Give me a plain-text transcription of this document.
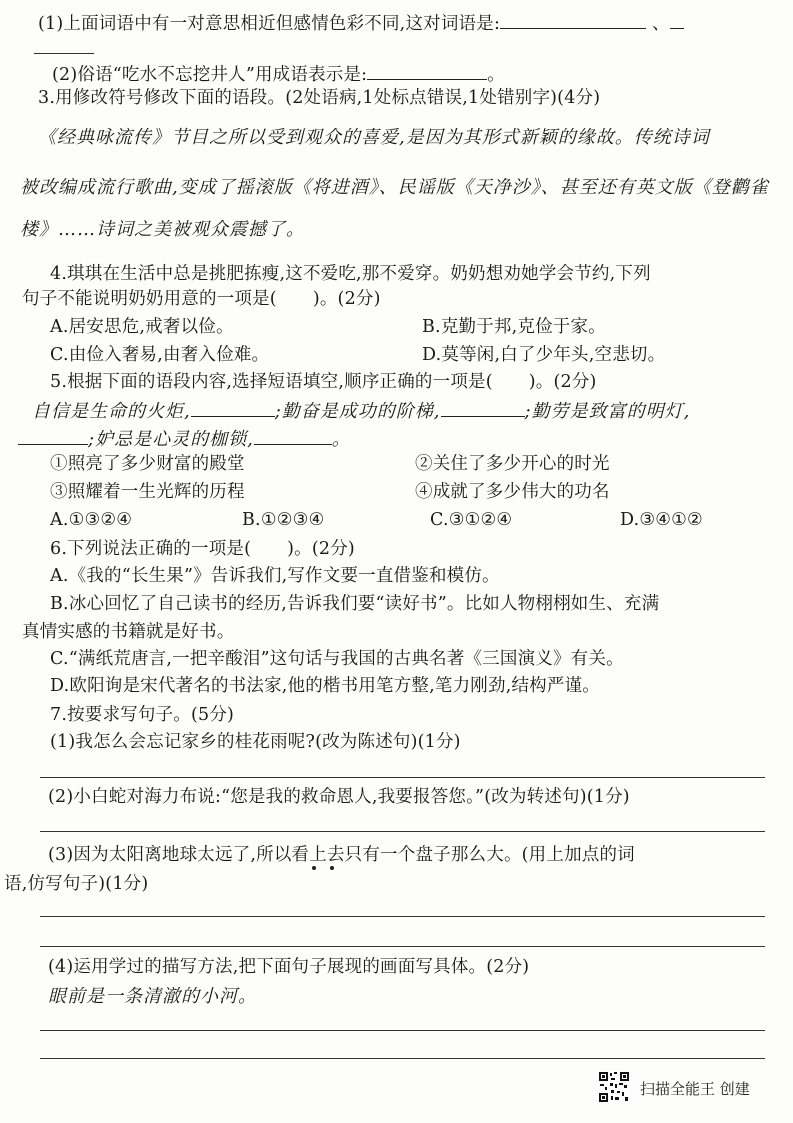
(1)上面词语中有一对意思相近但感情色彩不同,这对词语是:	、
(2)俗语“吃水不忘挖井人”用成语表示是:	。
3.用修改符号修改下面的语段。(2处语病,1处标点错误,1处错别字)(4分)
《经典咏流传》节目之所以受到观众的喜爱,是因为其形式新颖的缘故。传统诗词
被改编成流行歌曲,变成了摇滚版《将进酒》、民谣版《天净沙》、甚至还有英文版《登鹳雀
楼》……诗词之美被观众震撼了。
4.琪琪在生活中总是挑肥拣瘦,这不爱吃,那不爱穿。奶奶想劝她学会节约,下列
句子不能说明奶奶用意的一项是( )。(2分)
A.居安思危,戒奢以俭。	B.克勤于邦,克俭于家。
C.由俭入奢易,由奢入俭难。	D.莫等闲,白了少年头,空悲切。
5.根据下面的语段内容,选择短语填空,顺序正确的一项是( )。(2分)
自信是生命的火炬,	;勤奋是成功的阶梯,	;勤劳是致富的明灯,
;妒忌是心灵的枷锁,	。
①照亮了多少财富的殿堂	②关住了多少开心的时光
③照耀着一生光辉的历程	④成就了多少伟大的功名
A.①③②④	B.①②③④	C.③①②④	D.③④①②
6.下列说法正确的一项是( )。(2分)
A.《我的“长生果”》告诉我们,写作文要一直借鉴和模仿。
B.冰心回忆了自己读书的经历,告诉我们要“读好书”。比如人物栩栩如生、充满
真情实感的书籍就是好书。
C.“满纸荒唐言,一把辛酸泪”这句话与我国的古典名著《三国演义》有关。
D.欧阳询是宋代著名的书法家,他的楷书用笔方整,笔力刚劲,结构严谨。
7.按要求写句子。(5分)
(1)我怎么会忘记家乡的桂花雨呢?(改为陈述句)(1分)
(2)小白蛇对海力布说:“您是我的救命恩人,我要报答您。”(改为转述句)(1分)
(3)因为太阳离地球太远了,所以看上去只有一个盘子那么大。(用上加点的词
语,仿写句子)(1分)
(4)运用学过的描写方法,把下面句子展现的画面写具体。(2分)
眼前是一条清澈的小河。
扫描全能王 创建
